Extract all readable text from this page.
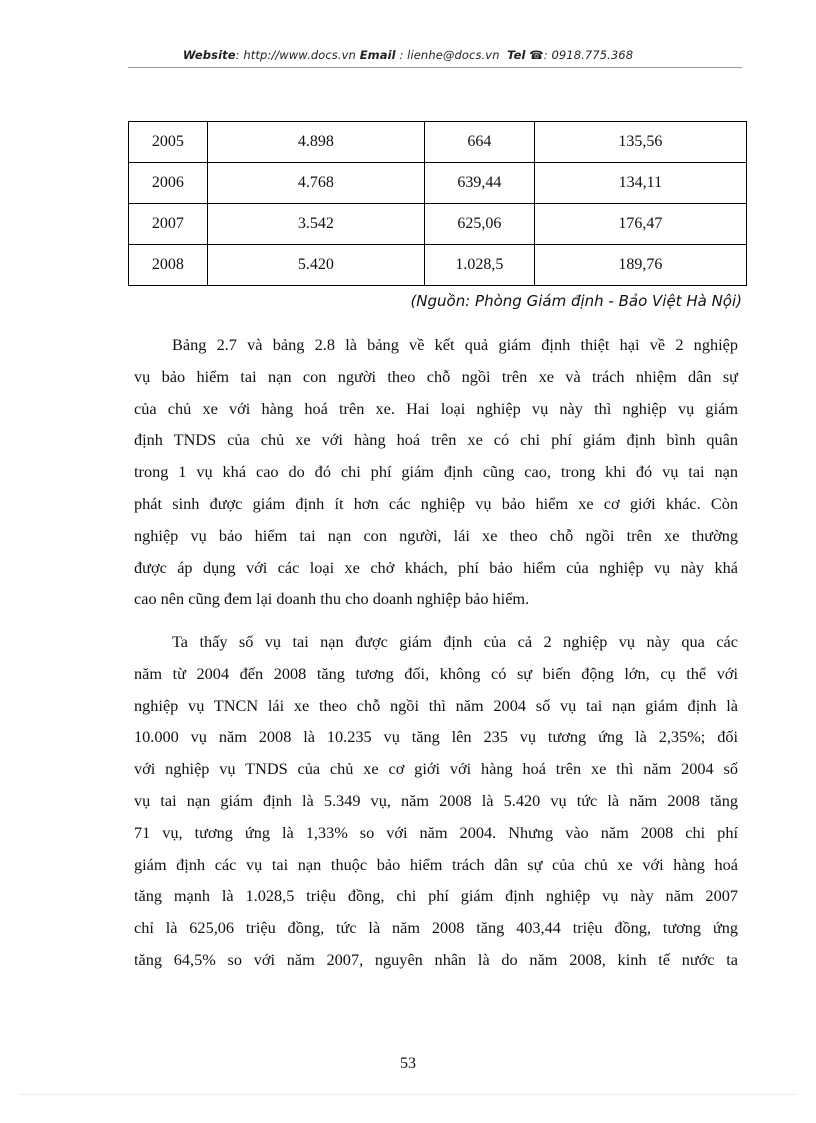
Website: http://www.docs.vn Email : lienhe@docs.vn Tel ☎: 0918.775.368
2005	4.898	664	135,56
2006	4.768	639,44	134,11
2007	3.542	625,06	176,47
2008	5.420	1.028,5	189,76
(Nguồn: Phòng Giám định - Bảo Việt Hà Nội)
Bảng 2.7 và bảng 2.8 là bảng về kết quả giám định thiệt hại về 2 nghiệp
vụ bảo hiểm tai nạn con người theo chỗ ngồi trên xe và trách nhiệm dân sự
của chủ xe với hàng hoá trên xe. Hai loại nghiệp vụ này thì nghiệp vụ giám
định TNDS của chủ xe với hàng hoá trên xe có chi phí giám định bình quân
trong 1 vụ khá cao do đó chi phí giám định cũng cao, trong khi đó vụ tai nạn
phát sinh được giám định ít hơn các nghiệp vụ bảo hiểm xe cơ giới khác. Còn
nghiệp vụ bảo hiểm tai nạn con người, lái xe theo chỗ ngồi trên xe thường
được áp dụng với các loại xe chở khách, phí bảo hiểm của nghiệp vụ này khá
cao nên cũng đem lại doanh thu cho doanh nghiệp bảo hiểm.
Ta thấy số vụ tai nạn được giám định của cả 2 nghiệp vụ này qua các
năm từ 2004 đến 2008 tăng tương đối, không có sự biến động lớn, cụ thể với
nghiệp vụ TNCN lái xe theo chỗ ngồi thì năm 2004 số vụ tai nạn giám định là
10.000 vụ năm 2008 là 10.235 vụ tăng lên 235 vụ tương ứng là 2,35%; đối
với nghiệp vụ TNDS của chủ xe cơ giới với hàng hoá trên xe thì năm 2004 số
vụ tai nạn giám định là 5.349 vụ, năm 2008 là 5.420 vụ tức là năm 2008 tăng
71 vụ, tương ứng là 1,33% so với năm 2004. Nhưng vào năm 2008 chi phí
giám định các vụ tai nạn thuộc bảo hiểm trách dân sự của chủ xe với hàng hoá
tăng mạnh là 1.028,5 triệu đồng, chi phí giám định nghiệp vụ này năm 2007
chỉ là 625,06 triệu đồng, tức là năm 2008 tăng 403,44 triệu đồng, tương ứng
tăng 64,5% so với năm 2007, nguyên nhân là do năm 2008, kinh tế nước ta
53
